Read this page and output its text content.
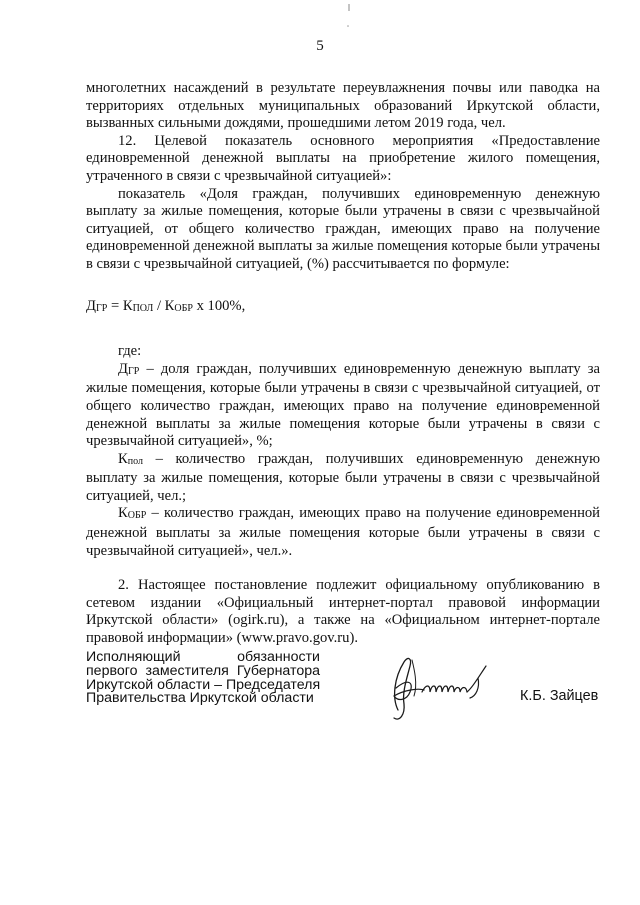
5

многолетних насаждений в результате переувлажнения почвы или паводка на территориях отдельных муниципальных образований Иркутской области, вызванных сильными дождями, прошедшими летом 2019 года, чел.

12. Целевой показатель основного мероприятия «Предоставление единовременной денежной выплаты на приобретение жилого помещения, утраченного в связи с чрезвычайной ситуацией»:

показатель «Доля граждан, получивших единовременную денежную выплату за жилые помещения, которые были утрачены в связи с чрезвычайной ситуацией, от общего количество граждан, имеющих право на получение единовременной денежной выплаты за жилые помещения которые были утрачены в связи с чрезвычайной ситуацией, (%) рассчитывается по формуле:

$Д_{ГР} = К_{ПОЛ} / К_{ОБР}$ х 100%,

где:

$Д_{ГР}$ – доля граждан, получивших единовременную денежную выплату за жилые помещения, которые были утрачены в связи с чрезвычайной ситуацией, от общего количество граждан, имеющих право на получение единовременной денежной выплаты за жилые помещения которые были утрачены в связи с чрезвычайной ситуацией», %;

$К_{пол}$ – количество граждан, получивших единовременную денежную выплату за жилые помещения, которые были утрачены в связи с чрезвычайной ситуацией, чел.;

$К_{ОБР}$ – количество граждан, имеющих право на получение единовременной денежной выплаты за жилые помещения которые были утрачены в связи с чрезвычайной ситуацией», чел.».

2. Настоящее постановление подлежит официальному опубликованию в сетевом издании «Официальный интернет-портал правовой информации Иркутской области» (ogirk.ru), а также на «Официальном интернет-портале правовой информации» (www.pravo.gov.ru).

Исполняющий обязанности
первого заместителя Губернатора
Иркутской области – Председателя
Правительства Иркутской области	К.Б. Зайцев
